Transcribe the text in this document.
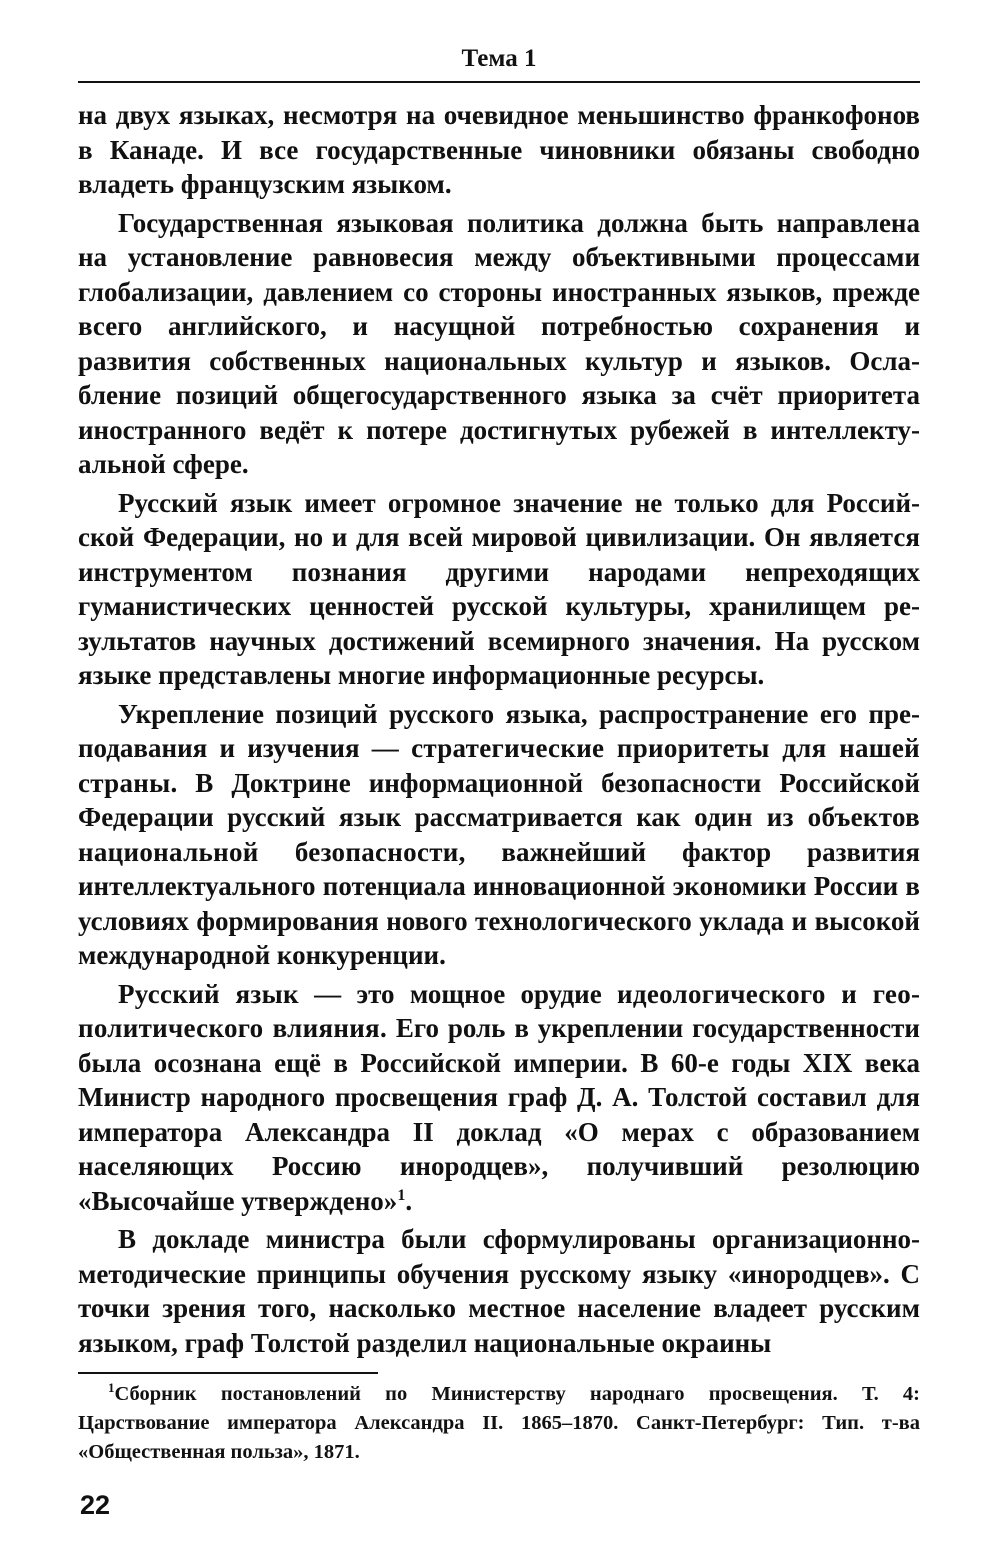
Тема 1

на двух языках, несмотря на очевидное меньшинство франкофонов в Канаде. И все государственные чиновники обязаны свободно владеть французским языком.

Государственная языковая политика должна быть направлена на установление равновесия между объективными процессами глобализации, давлением со стороны иностранных языков, прежде всего английского, и насущной потребностью сохранения и развития собственных национальных культур и языков. Ослабление позиций общегосударственного языка за счёт приоритета иностранного ведёт к потере достигнутых рубежей в интеллектуальной сфере.

Русский язык имеет огромное значение не только для Российской Федерации, но и для всей мировой цивилизации. Он является инструментом познания другими народами непреходящих гуманистических ценностей русской культуры, хранилищем результатов научных достижений всемирного значения. На русском языке представлены многие информационные ресурсы.

Укрепление позиций русского языка, распространение его преподавания и изучения — стратегические приоритеты для нашей страны. В Доктрине информационной безопасности Российской Федерации русский язык рассматривается как один из объектов национальной безопасности, важнейший фактор развития интеллектуального потенциала инновационной экономики России в условиях формирования нового технологического уклада и высокой международной конкуренции.

Русский язык — это мощное орудие идеологического и геополитического влияния. Его роль в укреплении государственности была осознана ещё в Российской империи. В 60-е годы XIX века Министр народного просвещения граф Д. А. Толстой составил для императора Александра II доклад «О мерах с образованием населяющих Россию инородцев», получивший резолюцию «Высочайше утверждено»$^1$.

В докладе министра были сформулированы организационно-методические принципы обучения русскому языку «инородцев». С точки зрения того, насколько местное население владеет русским языком, граф Толстой разделил национальные окраины

$^1$Сборник постановлений по Министерству народнаго просвещения. Т. 4: Царствование императора Александра II. 1865–1870. Санкт-Петербург: Тип. т-ва «Общественная польза», 1871.
22
